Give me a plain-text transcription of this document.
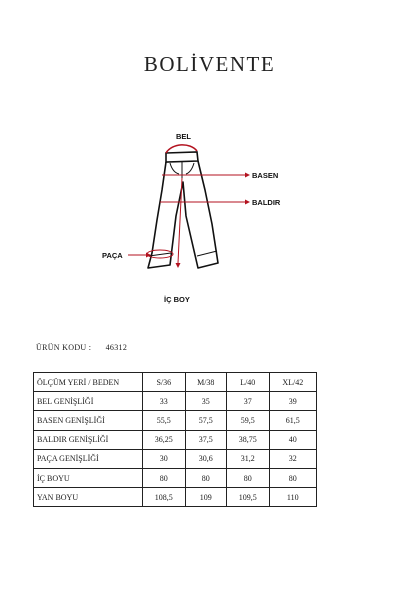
BOLİVENTE
BEL
BASEN
BALDIR
PAÇA
İÇ BOY
ÜRÜN KODU : 46312
ÖLÇÜM YERİ / BEDEN	S/36	M/38	L/40	XL/42
BEL GENİŞLİĞİ	33	35	37	39
BASEN GENİŞLİĞİ	55,5	57,5	59,5	61,5
BALDIR GENİŞLİĞİ	36,25	37,5	38,75	40
PAÇA GENİŞLİĞİ	30	30,6	31,2	32
İÇ BOYU	80	80	80	80
YAN BOYU	108,5	109	109,5	110
